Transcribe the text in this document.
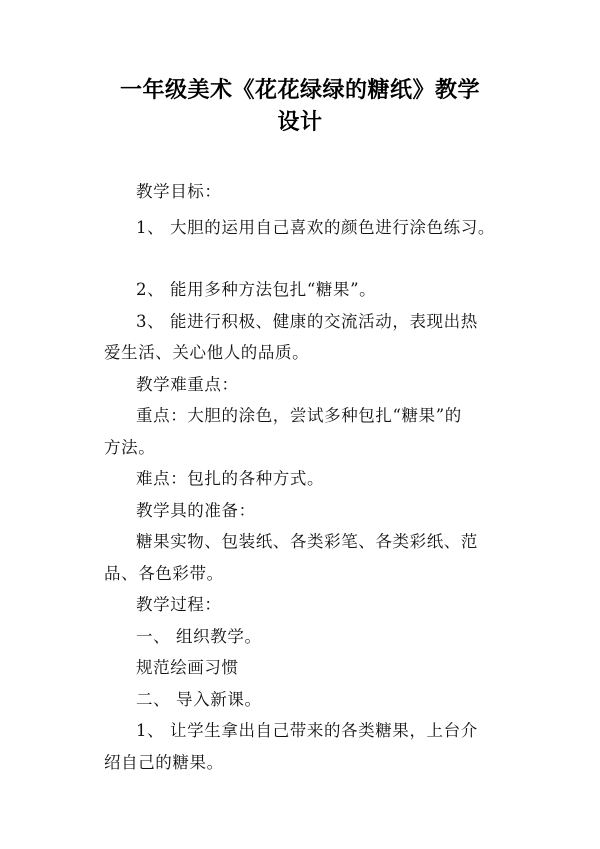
一年级美术《花花绿绿的糖纸》教学
设计
教学目标：
1、 大胆的运用自己喜欢的颜色进行涂色练习。
2、 能用多种方法包扎“糖果”。
3、 能进行积极、健康的交流活动，表现出热
爱生活、关心他人的品质。
教学难重点：
重点：大胆的涂色，尝试多种包扎“糖果”的
方法。
难点：包扎的各种方式。
教学具的准备：
糖果实物、包装纸、各类彩笔、各类彩纸、范
品、各色彩带。
教学过程：
一、 组织教学。
规范绘画习惯
二、 导入新课。
1、 让学生拿出自己带来的各类糖果，上台介
绍自己的糖果。
